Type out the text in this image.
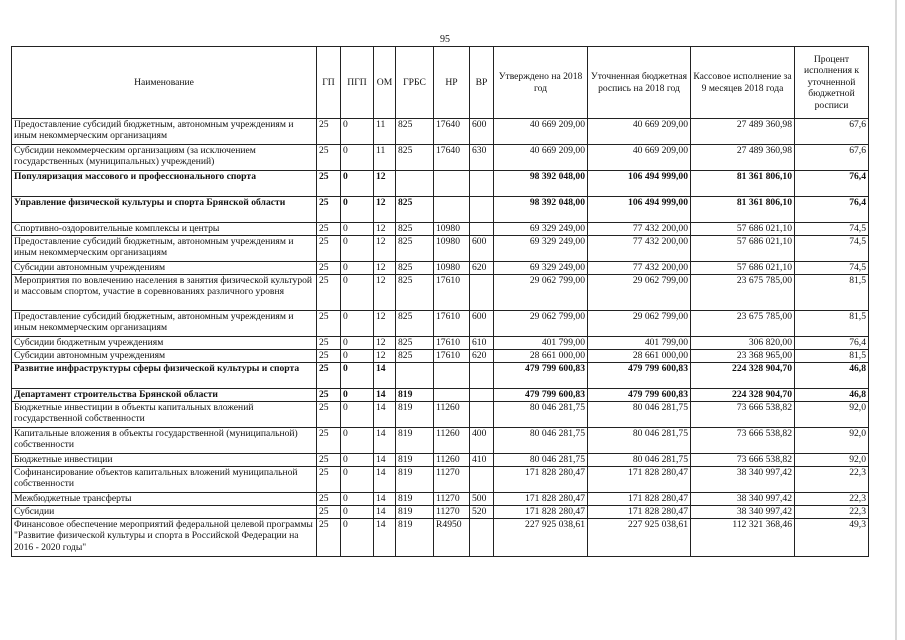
95
Наименование	ГП	ПГП	ОМ	ГРБС	НР	ВР	Утверждено на 2018 год	Уточненная бюджетная роспись на 2018 год	Кассовое исполнение за 9 месяцев 2018 года	Процент исполнения к уточненной бюджетной росписи
Предоставление субсидий бюджетным, автономным учреждениям и иным некоммерческим организациям	25	0	11	825	17640	600	40 669 209,00	40 669 209,00	27 489 360,98	67,6
Субсидии некоммерческим организациям (за исключением государственных (муниципальных) учреждений)	25	0	11	825	17640	630	40 669 209,00	40 669 209,00	27 489 360,98	67,6
Популяризация массового и профессионального спорта	25	0	12				98 392 048,00	106 494 999,00	81 361 806,10	76,4
Управление физической культуры и спорта Брянской области	25	0	12	825			98 392 048,00	106 494 999,00	81 361 806,10	76,4
Спортивно-оздоровительные комплексы и центры	25	0	12	825	10980		69 329 249,00	77 432 200,00	57 686 021,10	74,5
Предоставление субсидий бюджетным, автономным учреждениям и иным некоммерческим организациям	25	0	12	825	10980	600	69 329 249,00	77 432 200,00	57 686 021,10	74,5
Субсидии автономным учреждениям	25	0	12	825	10980	620	69 329 249,00	77 432 200,00	57 686 021,10	74,5
Мероприятия по вовлечению населения в занятия физической культурой и массовым спортом, участие в соревнованиях различного уровня	25	0	12	825	17610		29 062 799,00	29 062 799,00	23 675 785,00	81,5
Предоставление субсидий бюджетным, автономным учреждениям и иным некоммерческим организациям	25	0	12	825	17610	600	29 062 799,00	29 062 799,00	23 675 785,00	81,5
Субсидии бюджетным учреждениям	25	0	12	825	17610	610	401 799,00	401 799,00	306 820,00	76,4
Субсидии автономным учреждениям	25	0	12	825	17610	620	28 661 000,00	28 661 000,00	23 368 965,00	81,5
Развитие инфраструктуры сферы физической культуры и спорта	25	0	14				479 799 600,83	479 799 600,83	224 328 904,70	46,8
Департамент строительства Брянской области	25	0	14	819			479 799 600,83	479 799 600,83	224 328 904,70	46,8
Бюджетные инвестиции в объекты капитальных вложений государственной собственности	25	0	14	819	11260		80 046 281,75	80 046 281,75	73 666 538,82	92,0
Капитальные вложения в объекты государственной (муниципальной) собственности	25	0	14	819	11260	400	80 046 281,75	80 046 281,75	73 666 538,82	92,0
Бюджетные инвестиции	25	0	14	819	11260	410	80 046 281,75	80 046 281,75	73 666 538,82	92,0
Софинансирование объектов капитальных вложений муниципальной собственности	25	0	14	819	11270		171 828 280,47	171 828 280,47	38 340 997,42	22,3
Межбюджетные трансферты	25	0	14	819	11270	500	171 828 280,47	171 828 280,47	38 340 997,42	22,3
Субсидии	25	0	14	819	11270	520	171 828 280,47	171 828 280,47	38 340 997,42	22,3
Финансовое обеспечение мероприятий федеральной целевой программы "Развитие физической культуры и спорта в Российской Федерации на 2016 - 2020 годы"	25	0	14	819	R4950		227 925 038,61	227 925 038,61	112 321 368,46	49,3
